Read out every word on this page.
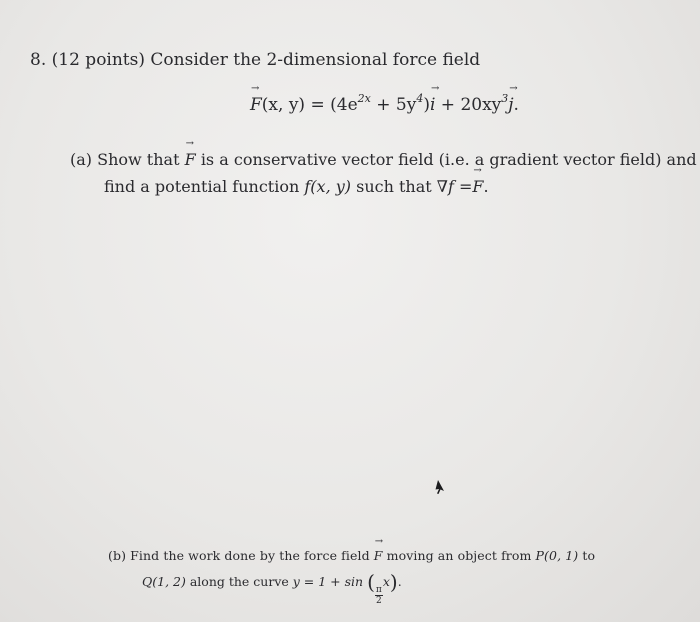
8. (12 points) Consider the 2-dimensional force field
→ F(x, $y) = (4e^{2x} + 5y^4)\to i + 20xy^3\to j$.
(a) Show that → F is a conservative vector field (i.e. a gradient vector field) and
find a potential function f(x, y) such that ∇f =→ F.
(b) Find the work done by the force field → F moving an object from P(0, 1) to
Q(1, 2) along the curve y = 1 + sin (
$\frac{\pi}{2}$
x).
